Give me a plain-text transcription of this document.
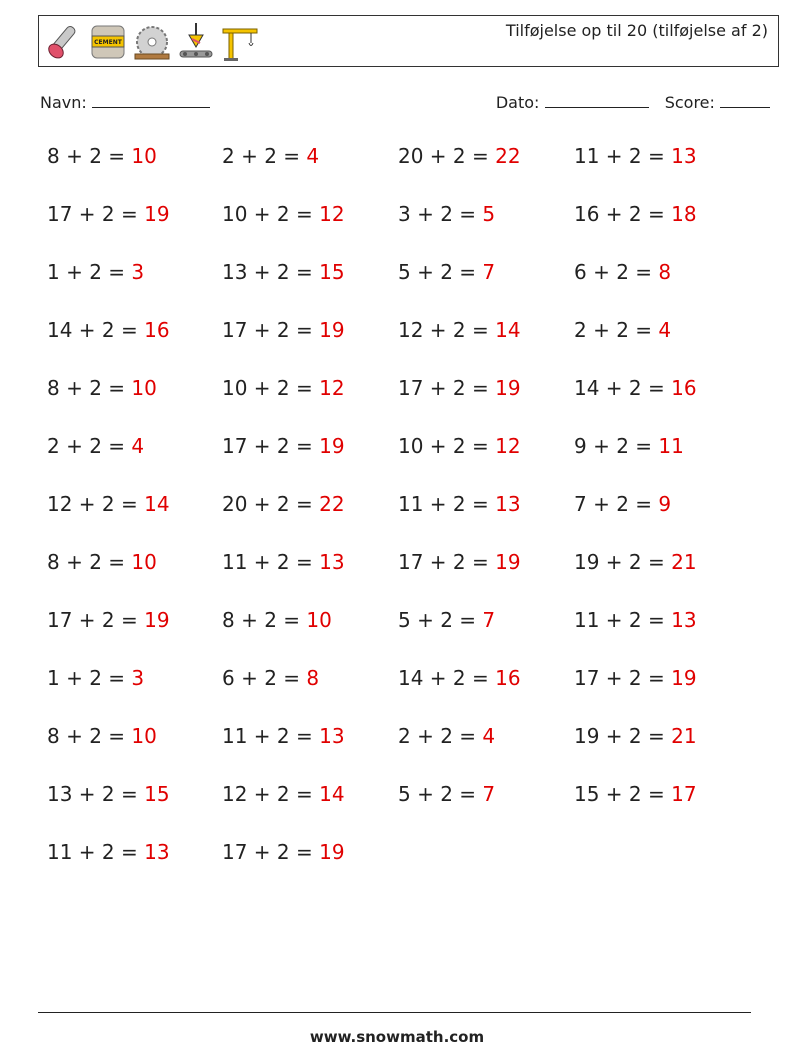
CEMENT
Tilføjelse op til 20 (tilføjelse af 2)
Navn:	Dato:	Score:
8 + 2 = 10	2 + 2 = 4	20 + 2 = 22	11 + 2 = 13
17 + 2 = 19	10 + 2 = 12	3 + 2 = 5	16 + 2 = 18
1 + 2 = 3	13 + 2 = 15	5 + 2 = 7	6 + 2 = 8
14 + 2 = 16	17 + 2 = 19	12 + 2 = 14	2 + 2 = 4
8 + 2 = 10	10 + 2 = 12	17 + 2 = 19	14 + 2 = 16
2 + 2 = 4	17 + 2 = 19	10 + 2 = 12	9 + 2 = 11
12 + 2 = 14	20 + 2 = 22	11 + 2 = 13	7 + 2 = 9
8 + 2 = 10	11 + 2 = 13	17 + 2 = 19	19 + 2 = 21
17 + 2 = 19	8 + 2 = 10	5 + 2 = 7	11 + 2 = 13
1 + 2 = 3	6 + 2 = 8	14 + 2 = 16	17 + 2 = 19
8 + 2 = 10	11 + 2 = 13	2 + 2 = 4	19 + 2 = 21
13 + 2 = 15	12 + 2 = 14	5 + 2 = 7	15 + 2 = 17
11 + 2 = 13	17 + 2 = 19
www.snowmath.com
